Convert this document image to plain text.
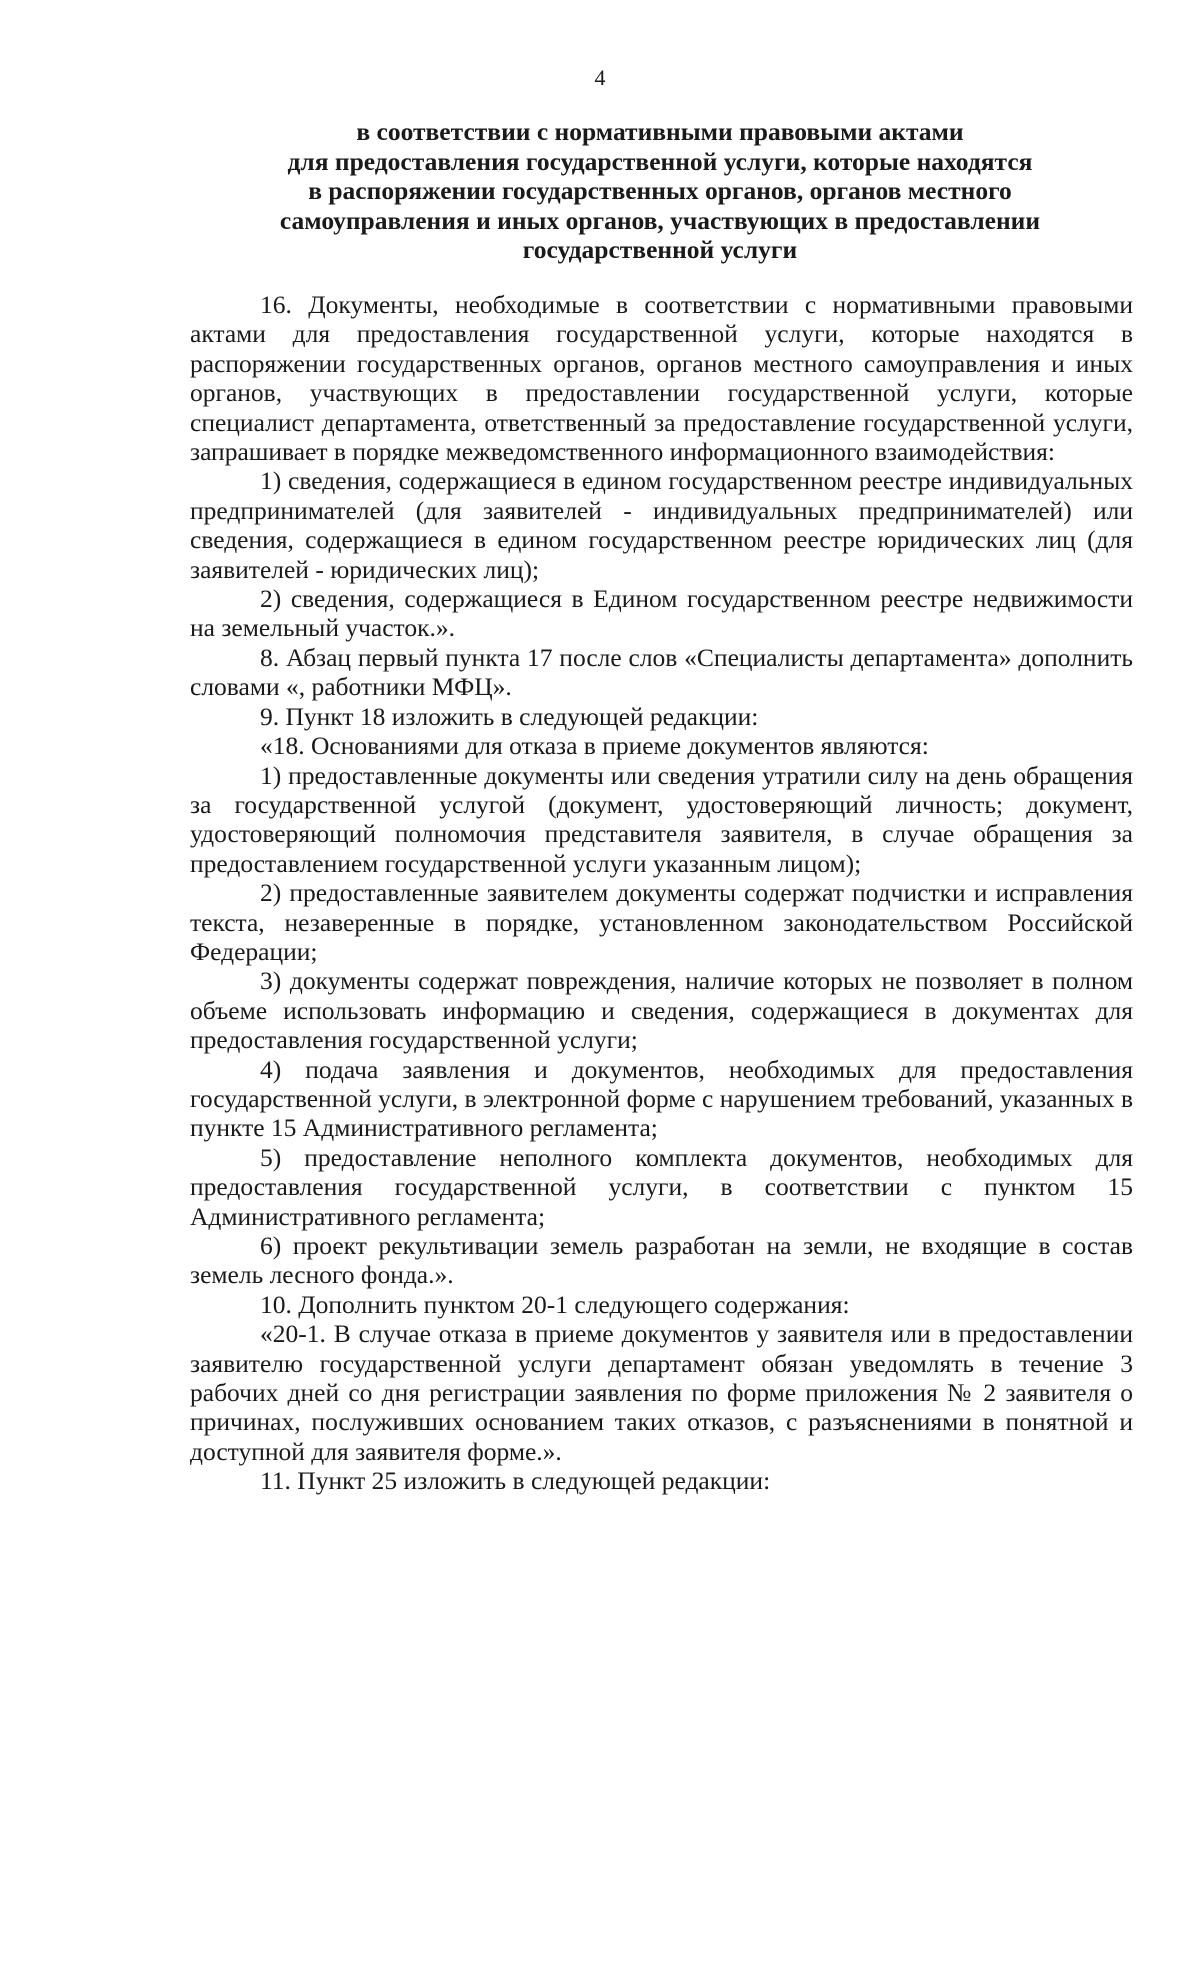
4
в соответствии с нормативными правовыми актами
для предоставления государственной услуги, которые находятся
в распоряжении государственных органов, органов местного
самоуправления и иных органов, участвующих в предоставлении
государственной услуги

16. Документы, необходимые в соответствии с нормативными правовыми актами для предоставления государственной услуги, которые находятся в распоряжении государственных органов, органов местного самоуправления и иных органов, участвующих в предоставлении государственной услуги, которые специалист департамента, ответственный за предоставление государственной услуги, запрашивает в порядке межведомственного информационного взаимодействия:

1) сведения, содержащиеся в едином государственном реестре индивидуальных предпринимателей (для заявителей - индивидуальных предпринимателей) или сведения, содержащиеся в едином государственном реестре юридических лиц (для заявителей - юридических лиц);

2) сведения, содержащиеся в Едином государственном реестре недвижимости на земельный участок.».

8. Абзац первый пункта 17 после слов «Специалисты департамента» дополнить словами «, работники МФЦ».

9. Пункт 18 изложить в следующей редакции:

«18. Основаниями для отказа в приеме документов являются:

1) предоставленные документы или сведения утратили силу на день обращения за государственной услугой (документ, удостоверяющий личность; документ, удостоверяющий полномочия представителя заявителя, в случае обращения за предоставлением государственной услуги указанным лицом);

2) предоставленные заявителем документы содержат подчистки и исправления текста, незаверенные в порядке, установленном законодательством Российской Федерации;

3) документы содержат повреждения, наличие которых не позволяет в полном объеме использовать информацию и сведения, содержащиеся в документах для предоставления государственной услуги;

4) подача заявления и документов, необходимых для предоставления государственной услуги, в электронной форме с нарушением требований, указанных в пункте 15 Административного регламента;

5) предоставление неполного комплекта документов, необходимых для предоставления государственной услуги, в соответствии с пунктом 15 Административного регламента;

6) проект рекультивации земель разработан на земли, не входящие в состав земель лесного фонда.».

10. Дополнить пунктом 20-1 следующего содержания:

«20-1. В случае отказа в приеме документов у заявителя или в предоставлении заявителю государственной услуги департамент обязан уведомлять в течение 3 рабочих дней со дня регистрации заявления по форме приложения № 2 заявителя о причинах, послуживших основанием таких отказов, с разъяснениями в понятной и доступной для заявителя форме.».

11. Пункт 25 изложить в следующей редакции:
